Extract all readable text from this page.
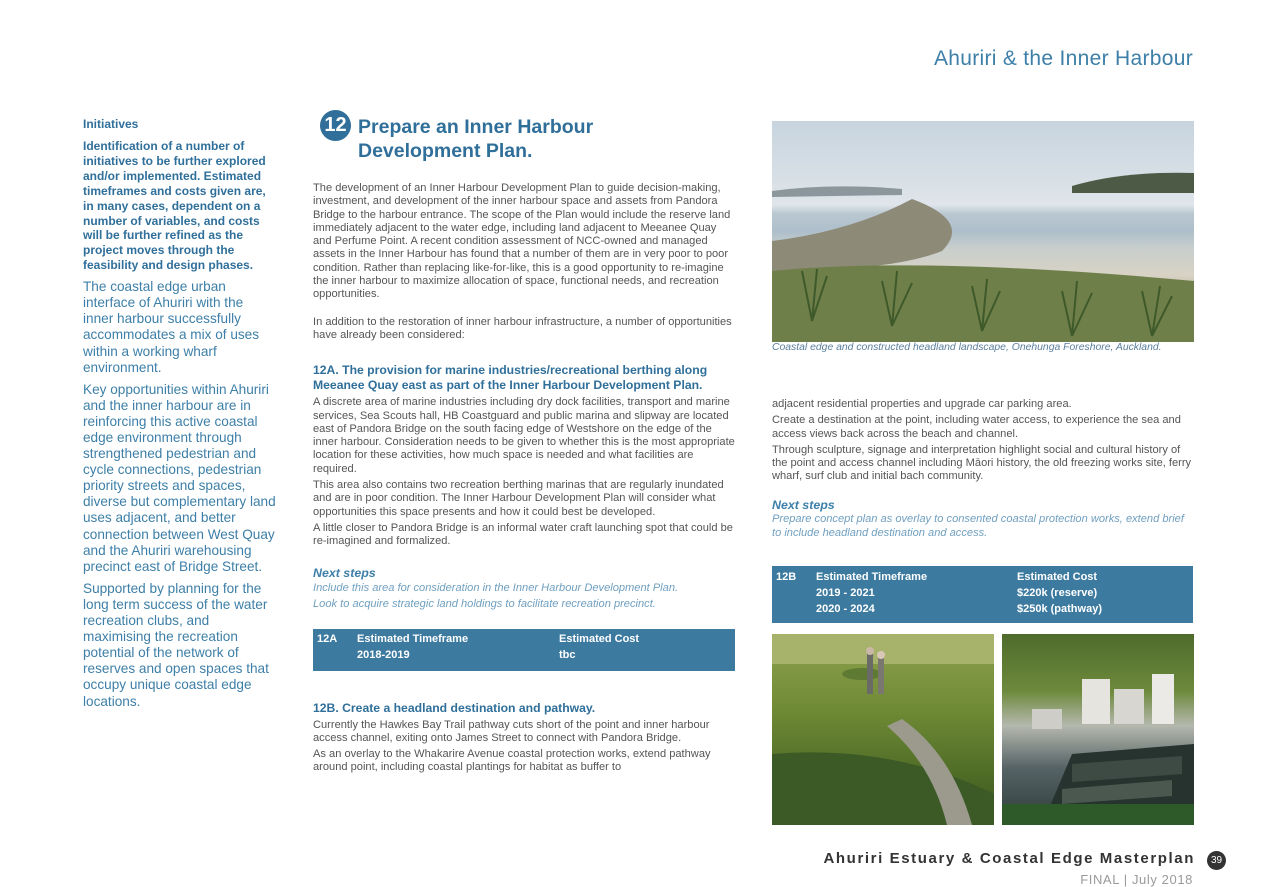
Ahuriri & the Inner Harbour

Initiatives

Identification of a number of initiatives to be further explored and/or implemented. Estimated timeframes and costs given are, in many cases, dependent on a number of variables, and costs will be further refined as the project moves through the feasibility and design phases.

The coastal edge urban interface of Ahuriri with the inner harbour successfully accommodates a mix of uses within a working wharf environment.

Key opportunities within Ahuriri and the inner harbour are in reinforcing this active coastal edge environment through strengthened pedestrian and cycle connections, pedestrian priority streets and spaces, diverse but complementary land uses adjacent, and better connection between West Quay and the Ahuriri warehousing precinct east of Bridge Street.

Supported by planning for the long term success of the water recreation clubs, and maximising the recreation potential of the network of reserves and open spaces that occupy unique coastal edge locations.

12 Prepare an Inner Harbour Development Plan.

The development of an Inner Harbour Development Plan to guide decision-making, investment, and development of the inner harbour space and assets from Pandora Bridge to the harbour entrance. The scope of the Plan would include the reserve land immediately adjacent to the water edge, including land adjacent to Meeanee Quay and Perfume Point. A recent condition assessment of NCC-owned and managed assets in the Inner Harbour has found that a number of them are in very poor to poor condition. Rather than replacing like-for-like, this is a good opportunity to re-imagine the inner harbour to maximize allocation of space, functional needs, and recreation opportunities.

In addition to the restoration of inner harbour infrastructure, a number of opportunities have already been considered:

12A. The provision for marine industries/recreational berthing along Meeanee Quay east as part of the Inner Harbour Development Plan.

A discrete area of marine industries including dry dock facilities, transport and marine services, Sea Scouts hall, HB Coastguard and public marina and slipway are located east of Pandora Bridge on the south facing edge of Westshore on the edge of the inner harbour. Consideration needs to be given to whether this is the most appropriate location for these activities, how much space is needed and what facilities are required.

This area also contains two recreation berthing marinas that are regularly inundated and are in poor condition. The Inner Harbour Development Plan will consider what opportunities this space presents and how it could best be developed.

A little closer to Pandora Bridge is an informal water craft launching spot that could be re-imagined and formalized.

Next steps

Include this area for consideration in the Inner Harbour Development Plan.

Look to acquire strategic land holdings to facilitate recreation precinct.

12A	Estimated Timeframe	Estimated Cost
	2018-2019	tbc

12B. Create a headland destination and pathway.

Currently the Hawkes Bay Trail pathway cuts short of the point and inner harbour access channel, exiting onto James Street to connect with Pandora Bridge.

As an overlay to the Whakarire Avenue coastal protection works, extend pathway around point, including coastal plantings for habitat as buffer to

Coastal edge and constructed headland landscape, Onehunga Foreshore, Auckland.

adjacent residential properties and upgrade car parking area.

Create a destination at the point, including water access, to experience the sea and access views back across the beach and channel.

Through sculpture, signage and interpretation highlight social and cultural history of the point and access channel including Māori history, the old freezing works site, ferry wharf, surf club and initial bach community.

Next steps

Prepare concept plan as overlay to consented coastal protection works, extend brief to include headland destination and access.

12B	Estimated Timeframe	Estimated Cost
	2019 - 2021	$220k (reserve)
	2020 - 2024	$250k (pathway)
Ahuriri Estuary & Coastal Edge Masterplan	39
FINAL | July 2018
